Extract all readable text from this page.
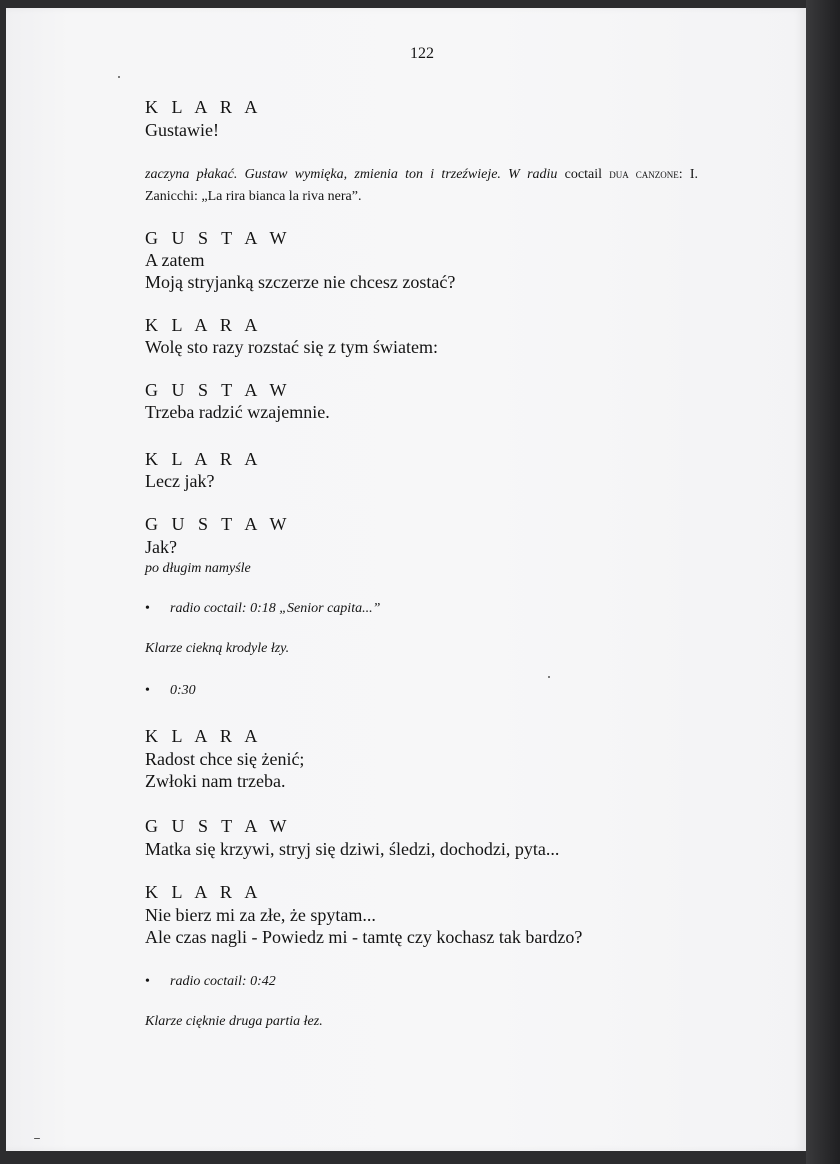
122
K L A R A
Gustawie!
zaczyna płakać. Gustaw wymięka, zmienia ton i trzeźwieje. W radiu coctail dua canzone: I. Zanicchi: „La rira bianca la riva nera”.
G U S T A W
A zatem
Moją stryjanką szczerze nie chcesz zostać?
K L A R A
Wolę sto razy rozstać się z tym światem:
G U S T A W
Trzeba radzić wzajemnie.
K L A R A
Lecz jak?
G U S T A W
Jak?
po długim namyśle
• radio coctail: 0:18 „Senior capita...”
Klarze ciekną krodyle łzy.
• 0:30
K L A R A
Radost chce się żenić;
Zwłoki nam trzeba.
G U S T A W
Matka się krzywi, stryj się dziwi, śledzi, dochodzi, pyta...
K L A R A
Nie bierz mi za złe, że spytam...
Ale czas nagli - Powiedz mi - tamtę czy kochasz tak bardzo?
• radio coctail: 0:42
Klarze cięknie druga partia łez.
